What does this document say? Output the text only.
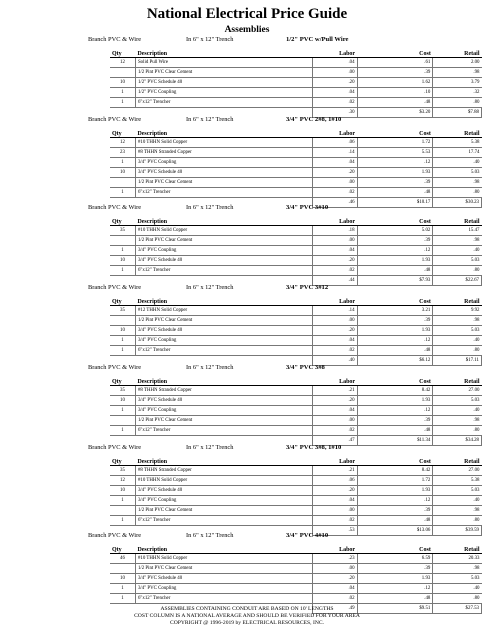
National Electrical Price Guide
Assemblies
Branch PVC & Wire	In 6" x 12" Trench	1/2" PVC w/Pull Wire
Qty	Description	Labor	Cost	Retail
12	Solid Pull Wire	.04	.61	2.00
	1/2 Pint PVC Clear Cement	.00	.39	.98
10	1/2" PVC Schedule 40	.20	1.62	3.79
1	1/2" PVC Coupling	.04	.10	.32
1	6"x12" Trencher	.02	.48	.80
		.30	$3.20	$7.88
Branch PVC & Wire	In 6" x 12" Trench	3/4" PVC 2#8, 1#10
Qty	Description	Labor	Cost	Retail
12	#10 THHN Solid Copper	.06	1.72	5.38
23	#8 THHN Stranded Copper	.14	5.53	17.74
1	3/4" PVC Coupling	.04	.12	.40
10	3/4" PVC Schedule 40	.20	1.93	5.03
	1/2 Pint PVC Clear Cement	.00	.39	.98
1	6"x12" Trencher	.02	.48	.80
		.46	$10.17	$30.23
Branch PVC & Wire	In 6" x 12" Trench	3/4" PVC 3#10
Qty	Description	Labor	Cost	Retail
35	#10 THHN Solid Copper	.18	5.02	15.47
	1/2 Pint PVC Clear Cement	.00	.39	.98
1	3/4" PVC Coupling	.04	.12	.40
10	3/4" PVC Schedule 40	.20	1.93	5.03
1	6"x12" Trencher	.02	.48	.80
		.44	$7.93	$22.67
Branch PVC & Wire	In 6" x 12" Trench	3/4" PVC 3#12
Qty	Description	Labor	Cost	Retail
35	#12 THHN Solid Copper	.14	3.21	9.92
	1/2 Pint PVC Clear Cement	.00	.39	.98
10	3/4" PVC Schedule 40	.20	1.93	5.03
1	3/4" PVC Coupling	.04	.12	.40
1	6"x12" Trencher	.02	.48	.80
		.40	$6.12	$17.11
Branch PVC & Wire	In 6" x 12" Trench	3/4" PVC 3#8
Qty	Description	Labor	Cost	Retail
35	#8 THHN Stranded Copper	.21	8.42	27.00
10	3/4" PVC Schedule 40	.20	1.93	5.03
1	3/4" PVC Coupling	.04	.12	.40
	1/2 Pint PVC Clear Cement	.00	.39	.98
1	6"x12" Trencher	.02	.48	.80
		.47	$11.34	$34.28
Branch PVC & Wire	In 6" x 12" Trench	3/4" PVC 3#8, 1#10
Qty	Description	Labor	Cost	Retail
35	#8 THHN Stranded Copper	.21	8.42	27.00
12	#10 THHN Solid Copper	.06	1.72	5.38
10	3/4" PVC Schedule 40	.20	1.93	5.03
1	3/4" PVC Coupling	.04	.12	.40
	1/2 Pint PVC Clear Cement	.00	.39	.98
1	6"x12" Trencher	.02	.48	.80
		.53	$13.06	$39.59
Branch PVC & Wire	In 6" x 12" Trench	3/4" PVC 4#10
Qty	Description	Labor	Cost	Retail
46	#10 THHN Solid Copper	.23	6.59	20.33
	1/2 Pint PVC Clear Cement	.00	.39	.98
10	3/4" PVC Schedule 40	.20	1.93	5.03
1	3/4" PVC Coupling	.04	.12	.40
1	6"x12" Trencher	.02	.48	.80
		.49	$9.51	$27.53
ASSEMBLIES CONTAINING CONDUIT ARE BASED ON 10' LENGTHS
COST COLUMN IS A NATIONAL AVERAGE AND SHOULD BE VERIFIED FOR YOUR AREA
COPYRIGHT @ 1996-2019 by ELECTRICAL RESOURCES, INC.
